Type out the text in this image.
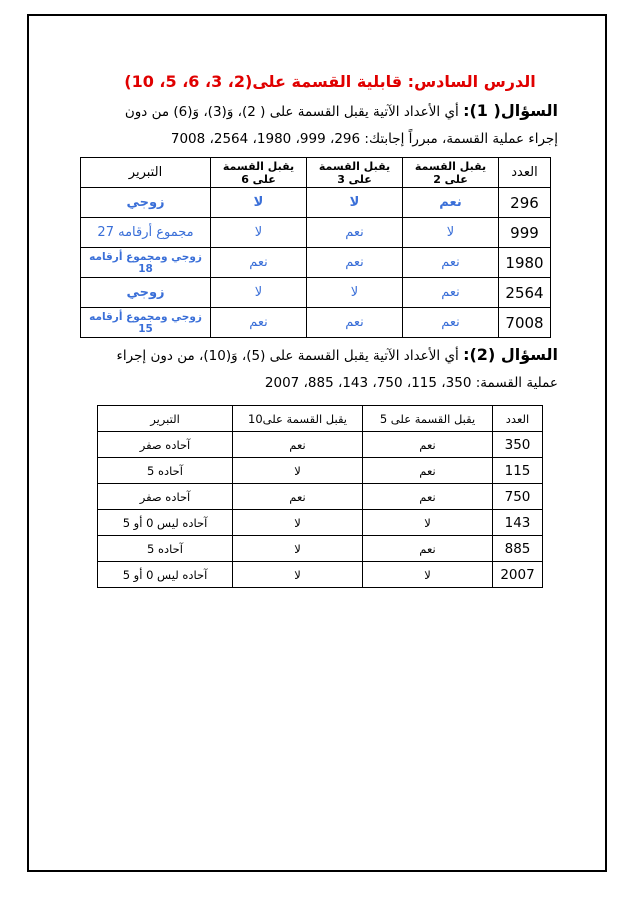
الدرس السادس: قابلية القسمة على(2، 3، 6، 5، 10)
السؤال( 1): أي الأعداد الآتية يقبل القسمة على ( 2)، وَ(3)، وَ(6) من دون
إجراء عملية القسمة، مبرراً إجابتك: 296، 999، 1980، 2564، 7008
العدد	يقبل القسمة على 2	يقبل القسمة على 3	يقبل القسمة على 6	التبرير
296	نعم	لا	لا	زوجي
999	لا	نعم	لا	مجموع أرقامه 27
1980	نعم	نعم	نعم	زوجي ومجموع أرقامه 18
2564	نعم	لا	لا	زوجي
7008	نعم	نعم	نعم	زوجي ومجموع أرقامه 15
السؤال (2): أي الأعداد الآتية يقبل القسمة على (5)، وَ(10)، من دون إجراء
عملية القسمة: 350، 115، 750، 143، 885، 2007
العدد	يقبل القسمة على 5	يقبل القسمة على10	التبرير
350	نعم	نعم	آحاده صفر
115	نعم	لا	آحاده 5
750	نعم	نعم	آحاده صفر
143	لا	لا	آحاده ليس 0 أو 5
885	نعم	لا	آحاده 5
2007	لا	لا	آحاده ليس 0 أو 5
